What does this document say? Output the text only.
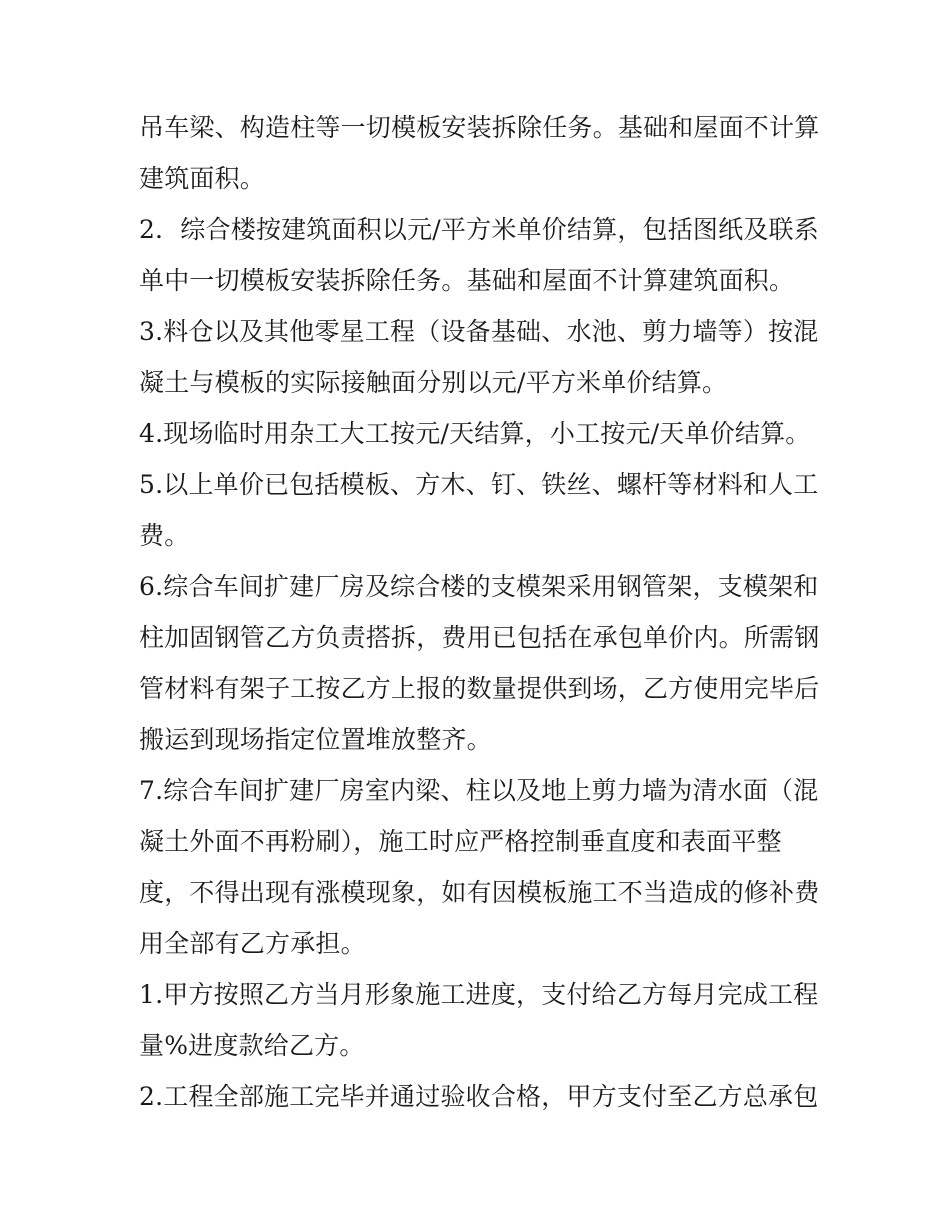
吊车梁、构造柱等一切模板安装拆除任务。基础和屋面不计算
建筑面积。
2．综合楼按建筑面积以元/平方米单价结算，包括图纸及联系
单中一切模板安装拆除任务。基础和屋面不计算建筑面积。
3.料仓以及其他零星工程（设备基础、水池、剪力墙等）按混
凝土与模板的实际接触面分别以元/平方米单价结算。
4.现场临时用杂工大工按元/天结算，小工按元/天单价结算。
5.以上单价已包括模板、方木、钉、铁丝、螺杆等材料和人工
费。
6.综合车间扩建厂房及综合楼的支模架采用钢管架，支模架和
柱加固钢管乙方负责搭拆，费用已包括在承包单价内。所需钢
管材料有架子工按乙方上报的数量提供到场，乙方使用完毕后
搬运到现场指定位置堆放整齐。
7.综合车间扩建厂房室内梁、柱以及地上剪力墙为清水面（混
凝土外面不再粉刷），施工时应严格控制垂直度和表面平整
度，不得出现有涨模现象，如有因模板施工不当造成的修补费
用全部有乙方承担。
1.甲方按照乙方当月形象施工进度，支付给乙方每月完成工程
量%进度款给乙方。
2.工程全部施工完毕并通过验收合格，甲方支付至乙方总承包
